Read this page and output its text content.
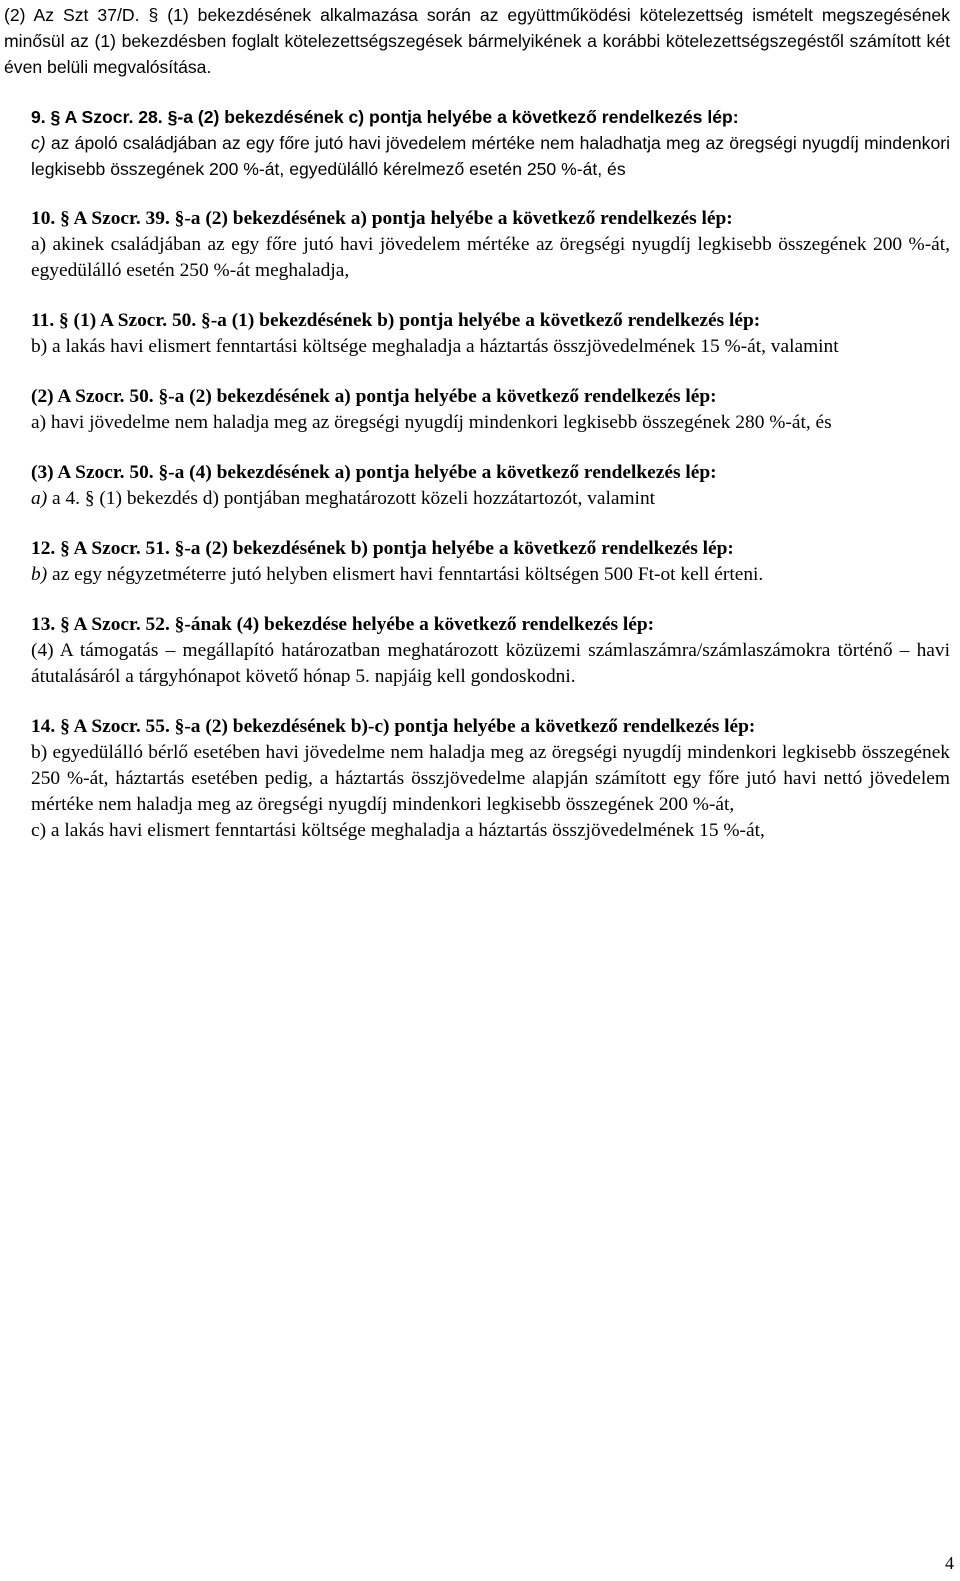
(2) Az Szt 37/D. § (1) bekezdésének alkalmazása során az együttműködési kötelezettség ismételt megszegésének minősül az (1) bekezdésben foglalt kötelezettségszegések bármelyikének a korábbi kötelezettségszegéstől számított két éven belüli megvalósítása.

9. § A Szocr. 28. §-a (2) bekezdésének c) pontja helyébe a következő rendelkezés lép:

c) az ápoló családjában az egy főre jutó havi jövedelem mértéke nem haladhatja meg az öregségi nyugdíj mindenkori legkisebb összegének 200 %-át, egyedülálló kérelmező esetén 250 %-át, és

10. § A Szocr. 39. §-a (2) bekezdésének a) pontja helyébe a következő rendelkezés lép:

a) akinek családjában az egy főre jutó havi jövedelem mértéke az öregségi nyugdíj legkisebb összegének 200 %-át, egyedülálló esetén 250 %-át meghaladja,

11. § (1) A Szocr. 50. §-a (1) bekezdésének b) pontja helyébe a következő rendelkezés lép:

b) a lakás havi elismert fenntartási költsége meghaladja a háztartás összjövedelmének 15 %-át, valamint

(2) A Szocr. 50. §-a (2) bekezdésének a) pontja helyébe a következő rendelkezés lép:

a) havi jövedelme nem haladja meg az öregségi nyugdíj mindenkori legkisebb összegének 280 %-át, és

(3) A Szocr. 50. §-a (4) bekezdésének a) pontja helyébe a következő rendelkezés lép:

a) a 4. § (1) bekezdés d) pontjában meghatározott közeli hozzátartozót, valamint

12. § A Szocr. 51. §-a (2) bekezdésének b) pontja helyébe a következő rendelkezés lép:

b) az egy négyzetméterre jutó helyben elismert havi fenntartási költségen 500 Ft-ot kell érteni.

13. § A Szocr. 52. §-ának (4) bekezdése helyébe a következő rendelkezés lép:

(4) A támogatás – megállapító határozatban meghatározott közüzemi számlaszámra/számlaszámokra történő – havi átutalásáról a tárgyhónapot követő hónap 5. napjáig kell gondoskodni.

14. § A Szocr. 55. §-a (2) bekezdésének b)-c) pontja helyébe a következő rendelkezés lép:

b) egyedülálló bérlő esetében havi jövedelme nem haladja meg az öregségi nyugdíj mindenkori legkisebb összegének 250 %-át, háztartás esetében pedig, a háztartás összjövedelme alapján számított egy főre jutó havi nettó jövedelem mértéke nem haladja meg az öregségi nyugdíj mindenkori legkisebb összegének 200 %-át,

c) a lakás havi elismert fenntartási költsége meghaladja a háztartás összjövedelmének 15 %-át,

4
